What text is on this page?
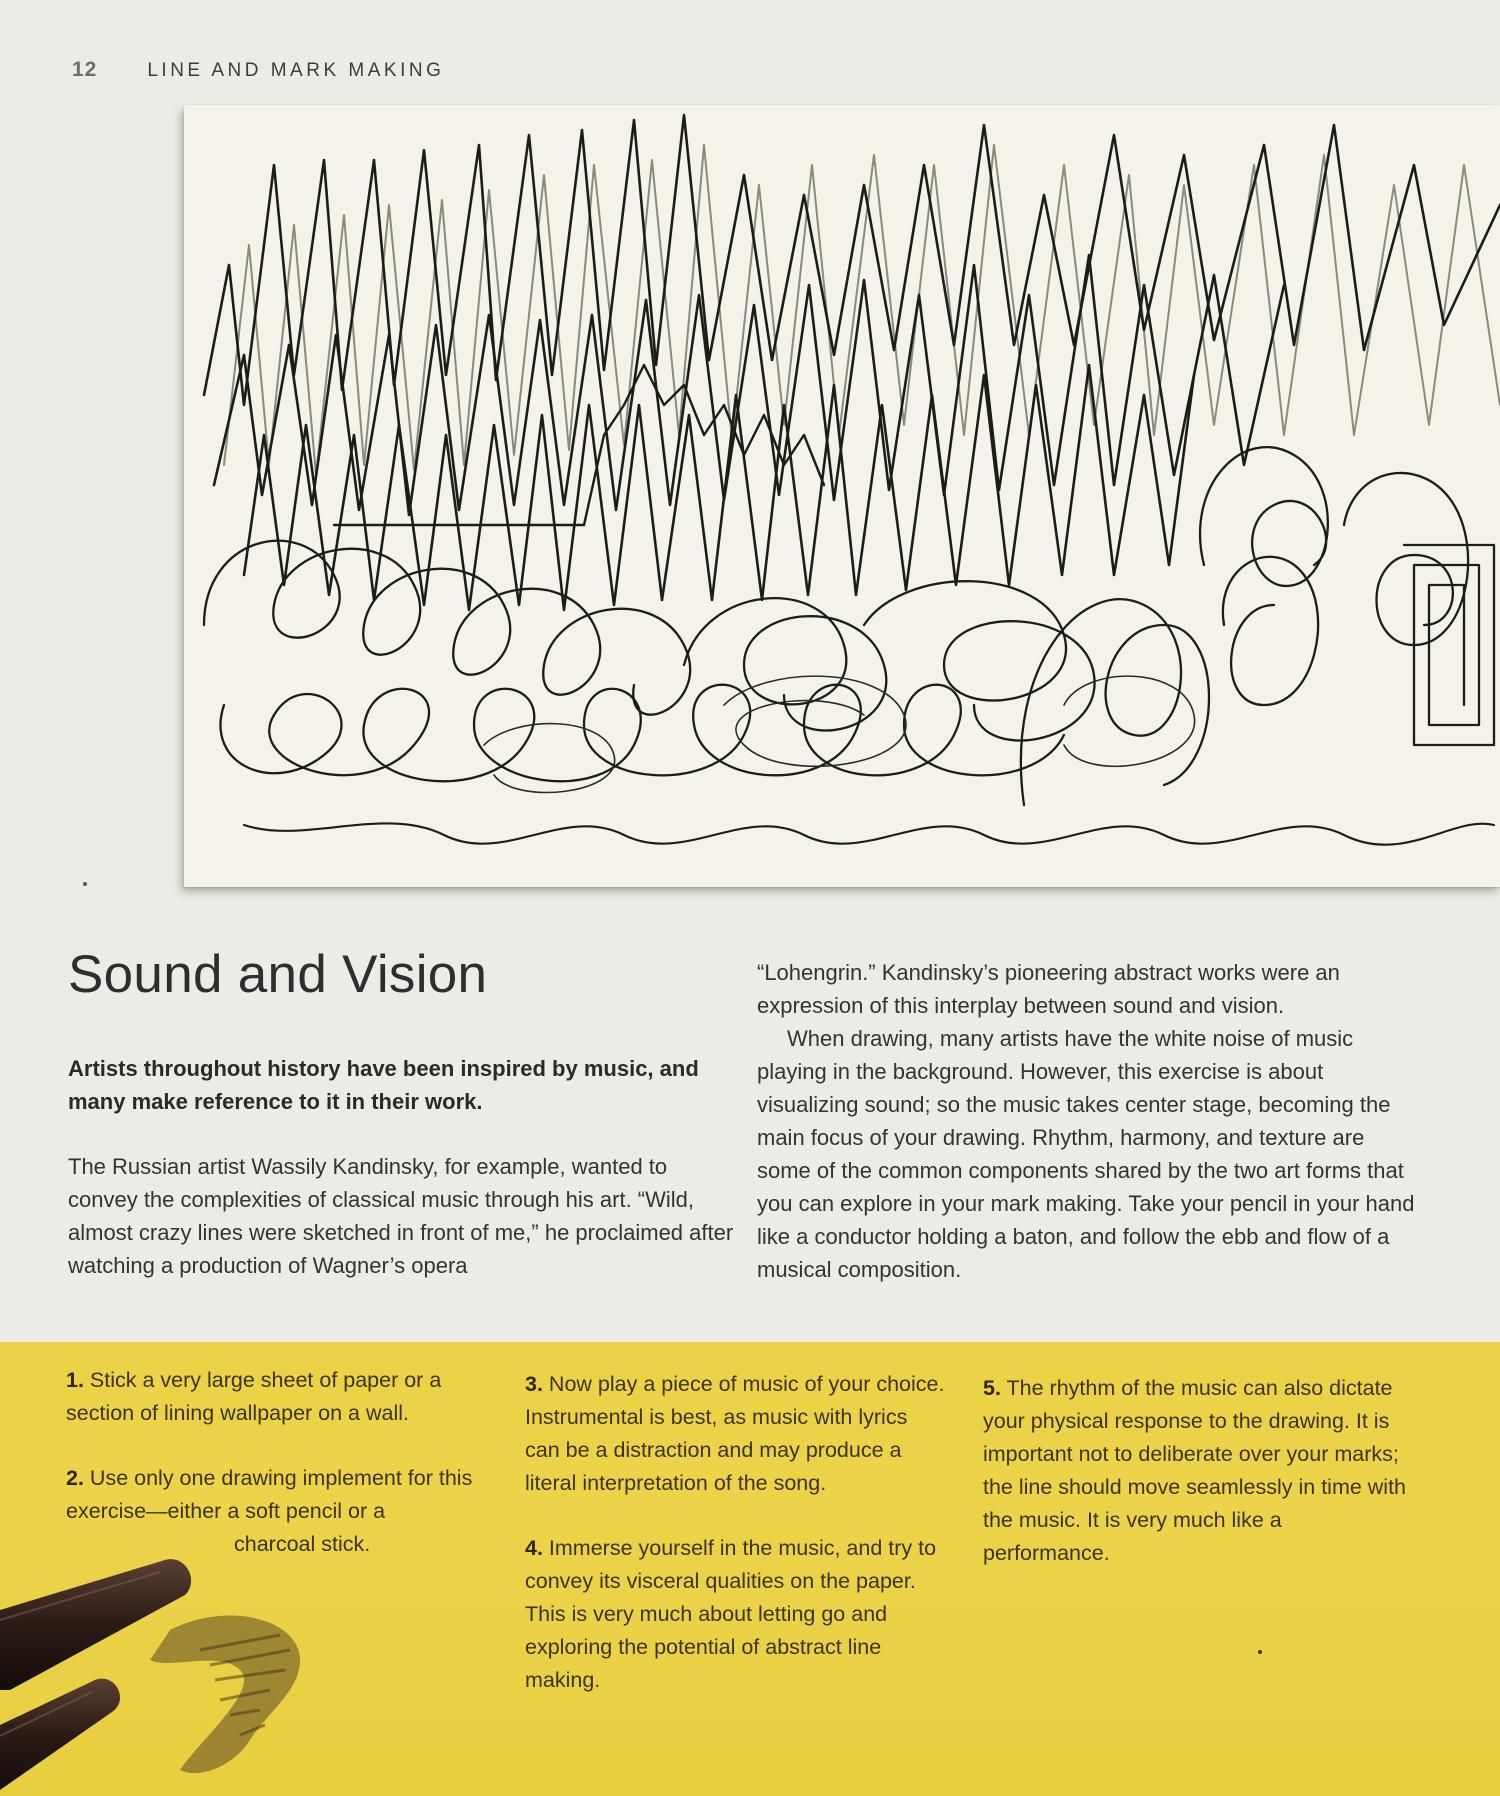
12	LINE AND MARK MAKING
Sound and Vision

Artists throughout history have been inspired by music, and many make reference to it in their work.

The Russian artist Wassily Kandinsky, for example, wanted to convey the complexities of classical music through his art. “Wild, almost crazy lines were sketched in front of me,” he proclaimed after watching a production of Wagner’s opera

“Lohengrin.” Kandinsky’s pioneering abstract works were an expression of this interplay between sound and vision.

When drawing, many artists have the white noise of music playing in the background. However, this exercise is about visualizing sound; so the music takes center stage, becoming the main focus of your drawing. Rhythm, harmony, and texture are some of the common components shared by the two art forms that you can explore in your mark making. Take your pencil in your hand like a conductor holding a baton, and follow the ebb and flow of a musical composition.

1. Stick a very large sheet of paper or a section of lining wallpaper on a wall.

2. Use only one drawing implement for this exercise—either a soft pencil or a
charcoal stick.

3. Now play a piece of music of your choice. Instrumental is best, as music with lyrics can be a distraction and may produce a literal interpretation of the song.

4. Immerse yourself in the music, and try to convey its visceral qualities on the paper. This is very much about letting go and exploring the potential of abstract line making.

5. The rhythm of the music can also dictate your physical response to the drawing. It is important not to deliberate over your marks; the line should move seamlessly in time with the music. It is very much like a performance.
